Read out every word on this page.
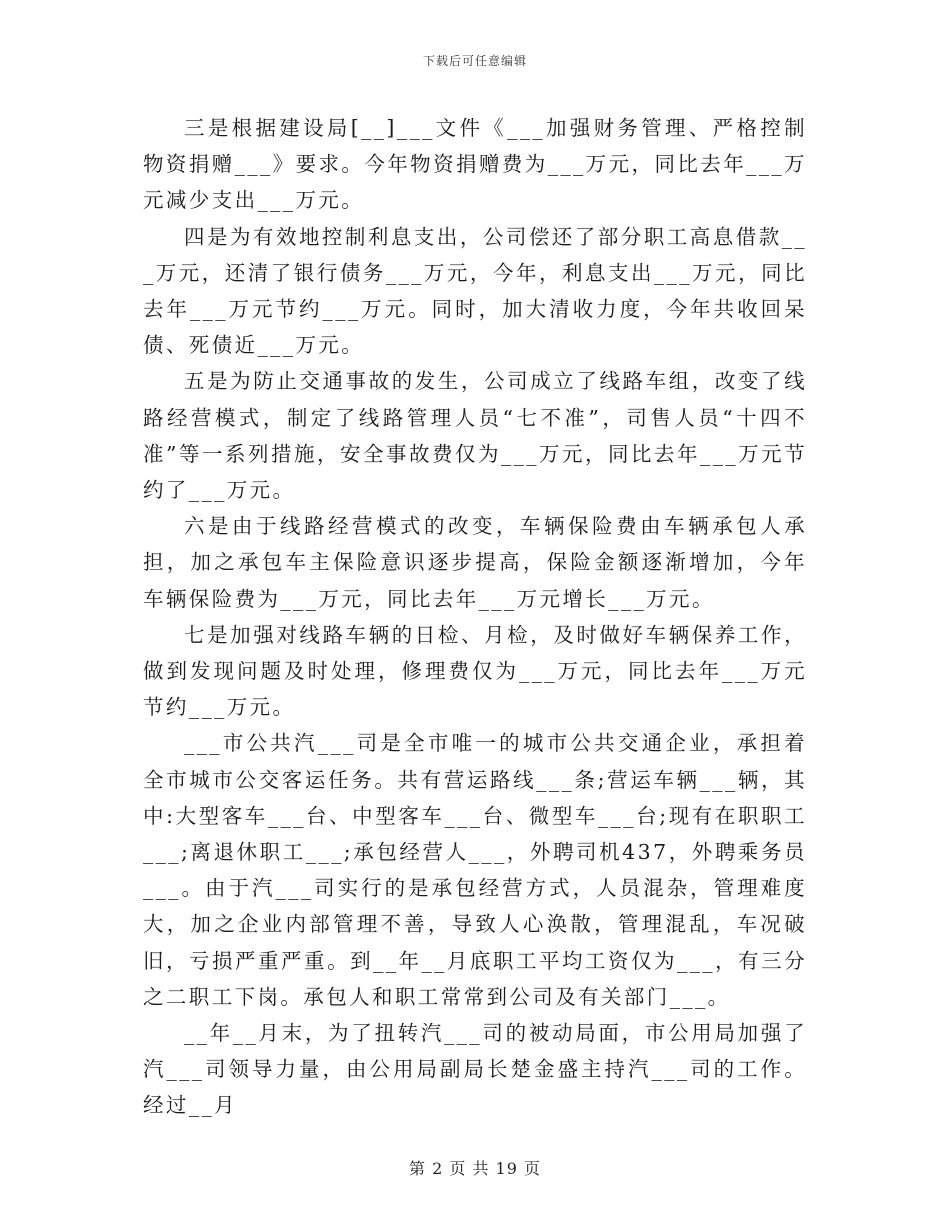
下载后可任意编辑

三是根据建设局[__]___文件《___加强财务管理、严格控制物资捐赠___》要求。今年物资捐赠费为___万元，同比去年___万元减少支出___万元。

四是为有效地控制利息支出，公司偿还了部分职工高息借款___万元，还清了银行债务___万元，今年，利息支出___万元，同比去年___万元节约___万元。同时，加大清收力度，今年共收回呆债、死债近___万元。

五是为防止交通事故的发生，公司成立了线路车组，改变了线路经营模式，制定了线路管理人员“七不准”，司售人员“十四不准”等一系列措施，安全事故费仅为___万元，同比去年___万元节约了___万元。

六是由于线路经营模式的改变，车辆保险费由车辆承包人承担，加之承包车主保险意识逐步提高，保险金额逐渐增加，今年车辆保险费为___万元，同比去年___万元增长___万元。

七是加强对线路车辆的日检、月检，及时做好车辆保养工作，做到发现问题及时处理，修理费仅为___万元，同比去年___万元节约___万元。

___市公共汽___司是全市唯一的城市公共交通企业，承担着全市城市公交客运任务。共有营运路线___条;营运车辆___辆，其中:大型客车___台、中型客车___台、微型车___台;现有在职职工___;离退休职工___;承包经营人___，外聘司机437，外聘乘务员___。由于汽___司实行的是承包经营方式，人员混杂，管理难度大，加之企业内部管理不善，导致人心涣散，管理混乱，车况破旧，亏损严重严重。到__年__月底职工平均工资仅为___，有三分之二职工下岗。承包人和职工常常到公司及有关部门___。

__年__月末，为了扭转汽___司的被动局面，市公用局加强了汽___司领导力量，由公用局副局长楚金盛主持汽___司的工作。经过__月

第 2 页 共 19 页
